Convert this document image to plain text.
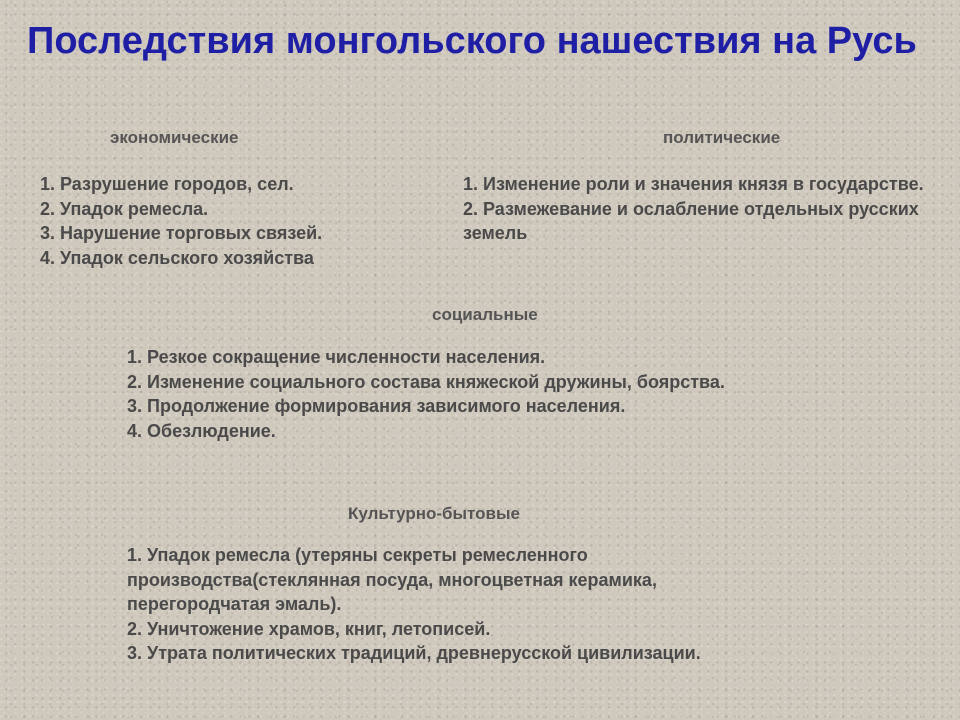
Последствия монгольского нашествия на Русь
экономические
1. Разрушение городов, сел.
2. Упадок ремесла.
3. Нарушение торговых связей.
4. Упадок сельского хозяйства
политические
1. Изменение роли и значения князя в государстве.
2. Размежевание и ослабление отдельных русских земель
социальные
1. Резкое сокращение численности населения.
2. Изменение социального состава княжеской дружины, боярства.
3. Продолжение формирования зависимого населения.
4. Обезлюдение.
Культурно-бытовые
1. Упадок ремесла (утеряны секреты ремесленного производства(стеклянная посуда, многоцветная керамика, перегородчатая эмаль).
2. Уничтожение храмов, книг, летописей.
3. Утрата политических традиций, древнерусской цивилизации.
